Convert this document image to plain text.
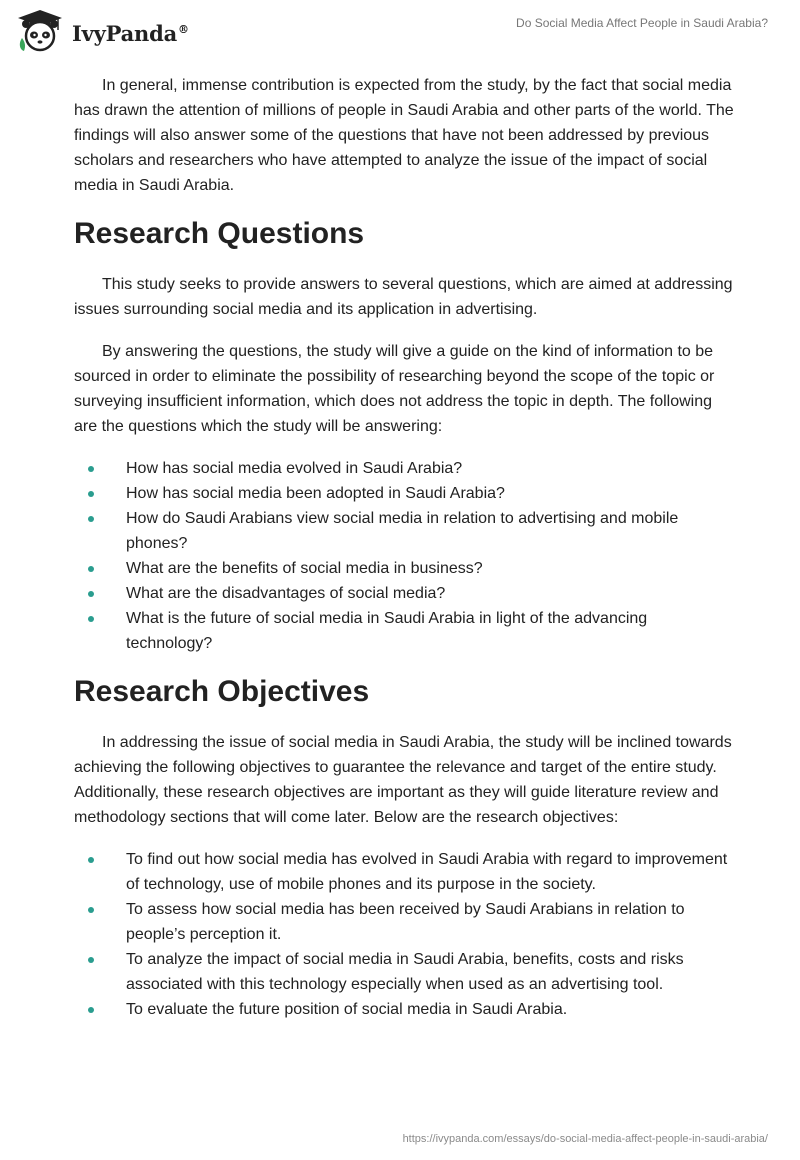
IvyPanda®	Do Social Media Affect People in Saudi Arabia?

In general, immense contribution is expected from the study, by the fact that social media has drawn the attention of millions of people in Saudi Arabia and other parts of the world. The findings will also answer some of the questions that have not been addressed by previous scholars and researchers who have attempted to analyze the issue of the impact of social media in Saudi Arabia.

Research Questions

This study seeks to provide answers to several questions, which are aimed at addressing issues surrounding social media and its application in advertising.

By answering the questions, the study will give a guide on the kind of information to be sourced in order to eliminate the possibility of researching beyond the scope of the topic or surveying insufficient information, which does not address the topic in depth. The following are the questions which the study will be answering:

How has social media evolved in Saudi Arabia?
How has social media been adopted in Saudi Arabia?
How do Saudi Arabians view social media in relation to advertising and mobile phones?
What are the benefits of social media in business?
What are the disadvantages of social media?
What is the future of social media in Saudi Arabia in light of the advancing technology?
Research Objectives

In addressing the issue of social media in Saudi Arabia, the study will be inclined towards achieving the following objectives to guarantee the relevance and target of the entire study. Additionally, these research objectives are important as they will guide literature review and methodology sections that will come later. Below are the research objectives:

To find out how social media has evolved in Saudi Arabia with regard to improvement of technology, use of mobile phones and its purpose in the society.
To assess how social media has been received by Saudi Arabians in relation to people’s perception it.
To analyze the impact of social media in Saudi Arabia, benefits, costs and risks associated with this technology especially when used as an advertising tool.
To evaluate the future position of social media in Saudi Arabia.
https://ivypanda.com/essays/do-social-media-affect-people-in-saudi-arabia/
